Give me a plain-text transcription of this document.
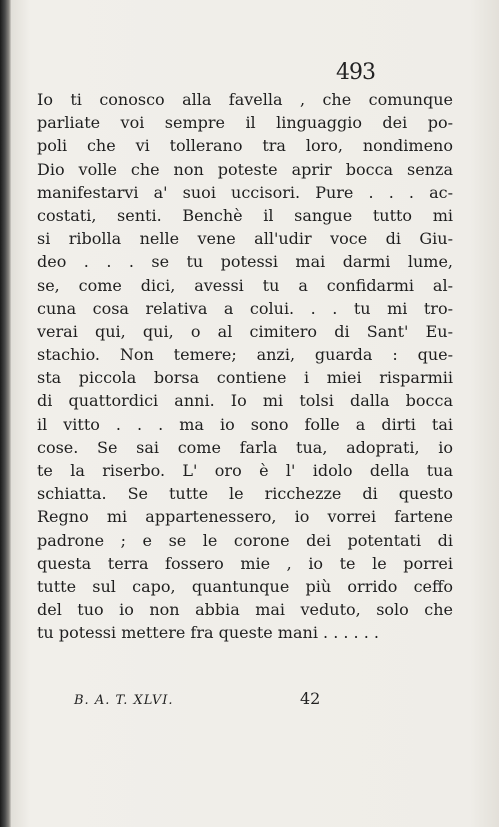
493
Io ti conosco alla favella , che comunque
parliate voi sempre il linguaggio dei po-
poli che vi tollerano tra loro, nondimeno
Dio volle che non poteste aprir bocca senza
manifestarvi a' suoi uccisori. Pure . . . ac-
costati, senti. Benchè il sangue tutto mi
si ribolla nelle vene all'udir voce di Giu-
deo . . . se tu potessi mai darmi lume,
se, come dici, avessi tu a confidarmi al-
cuna cosa relativa a colui. . . tu mi tro-
verai qui, qui, o al cimitero di Sant' Eu-
stachio. Non temere; anzi, guarda : que-
sta piccola borsa contiene i miei risparmii
di quattordici anni. Io mi tolsi dalla bocca
il vitto . . . ma io sono folle a dirti tai
cose. Se sai come farla tua, adoprati, io
te la riserbo. L' oro è l' idolo della tua
schiatta. Se tutte le ricchezze di questo
Regno mi appartenessero, io vorrei fartene
padrone ; e se le corone dei potentati di
questa terra fossero mie , io te le porrei
tutte sul capo, quantunque più orrido ceffo
del tuo io non abbia mai veduto, solo che
tu potessi mettere fra queste mani . . . . . .
B. A. T. XLVI.	42
